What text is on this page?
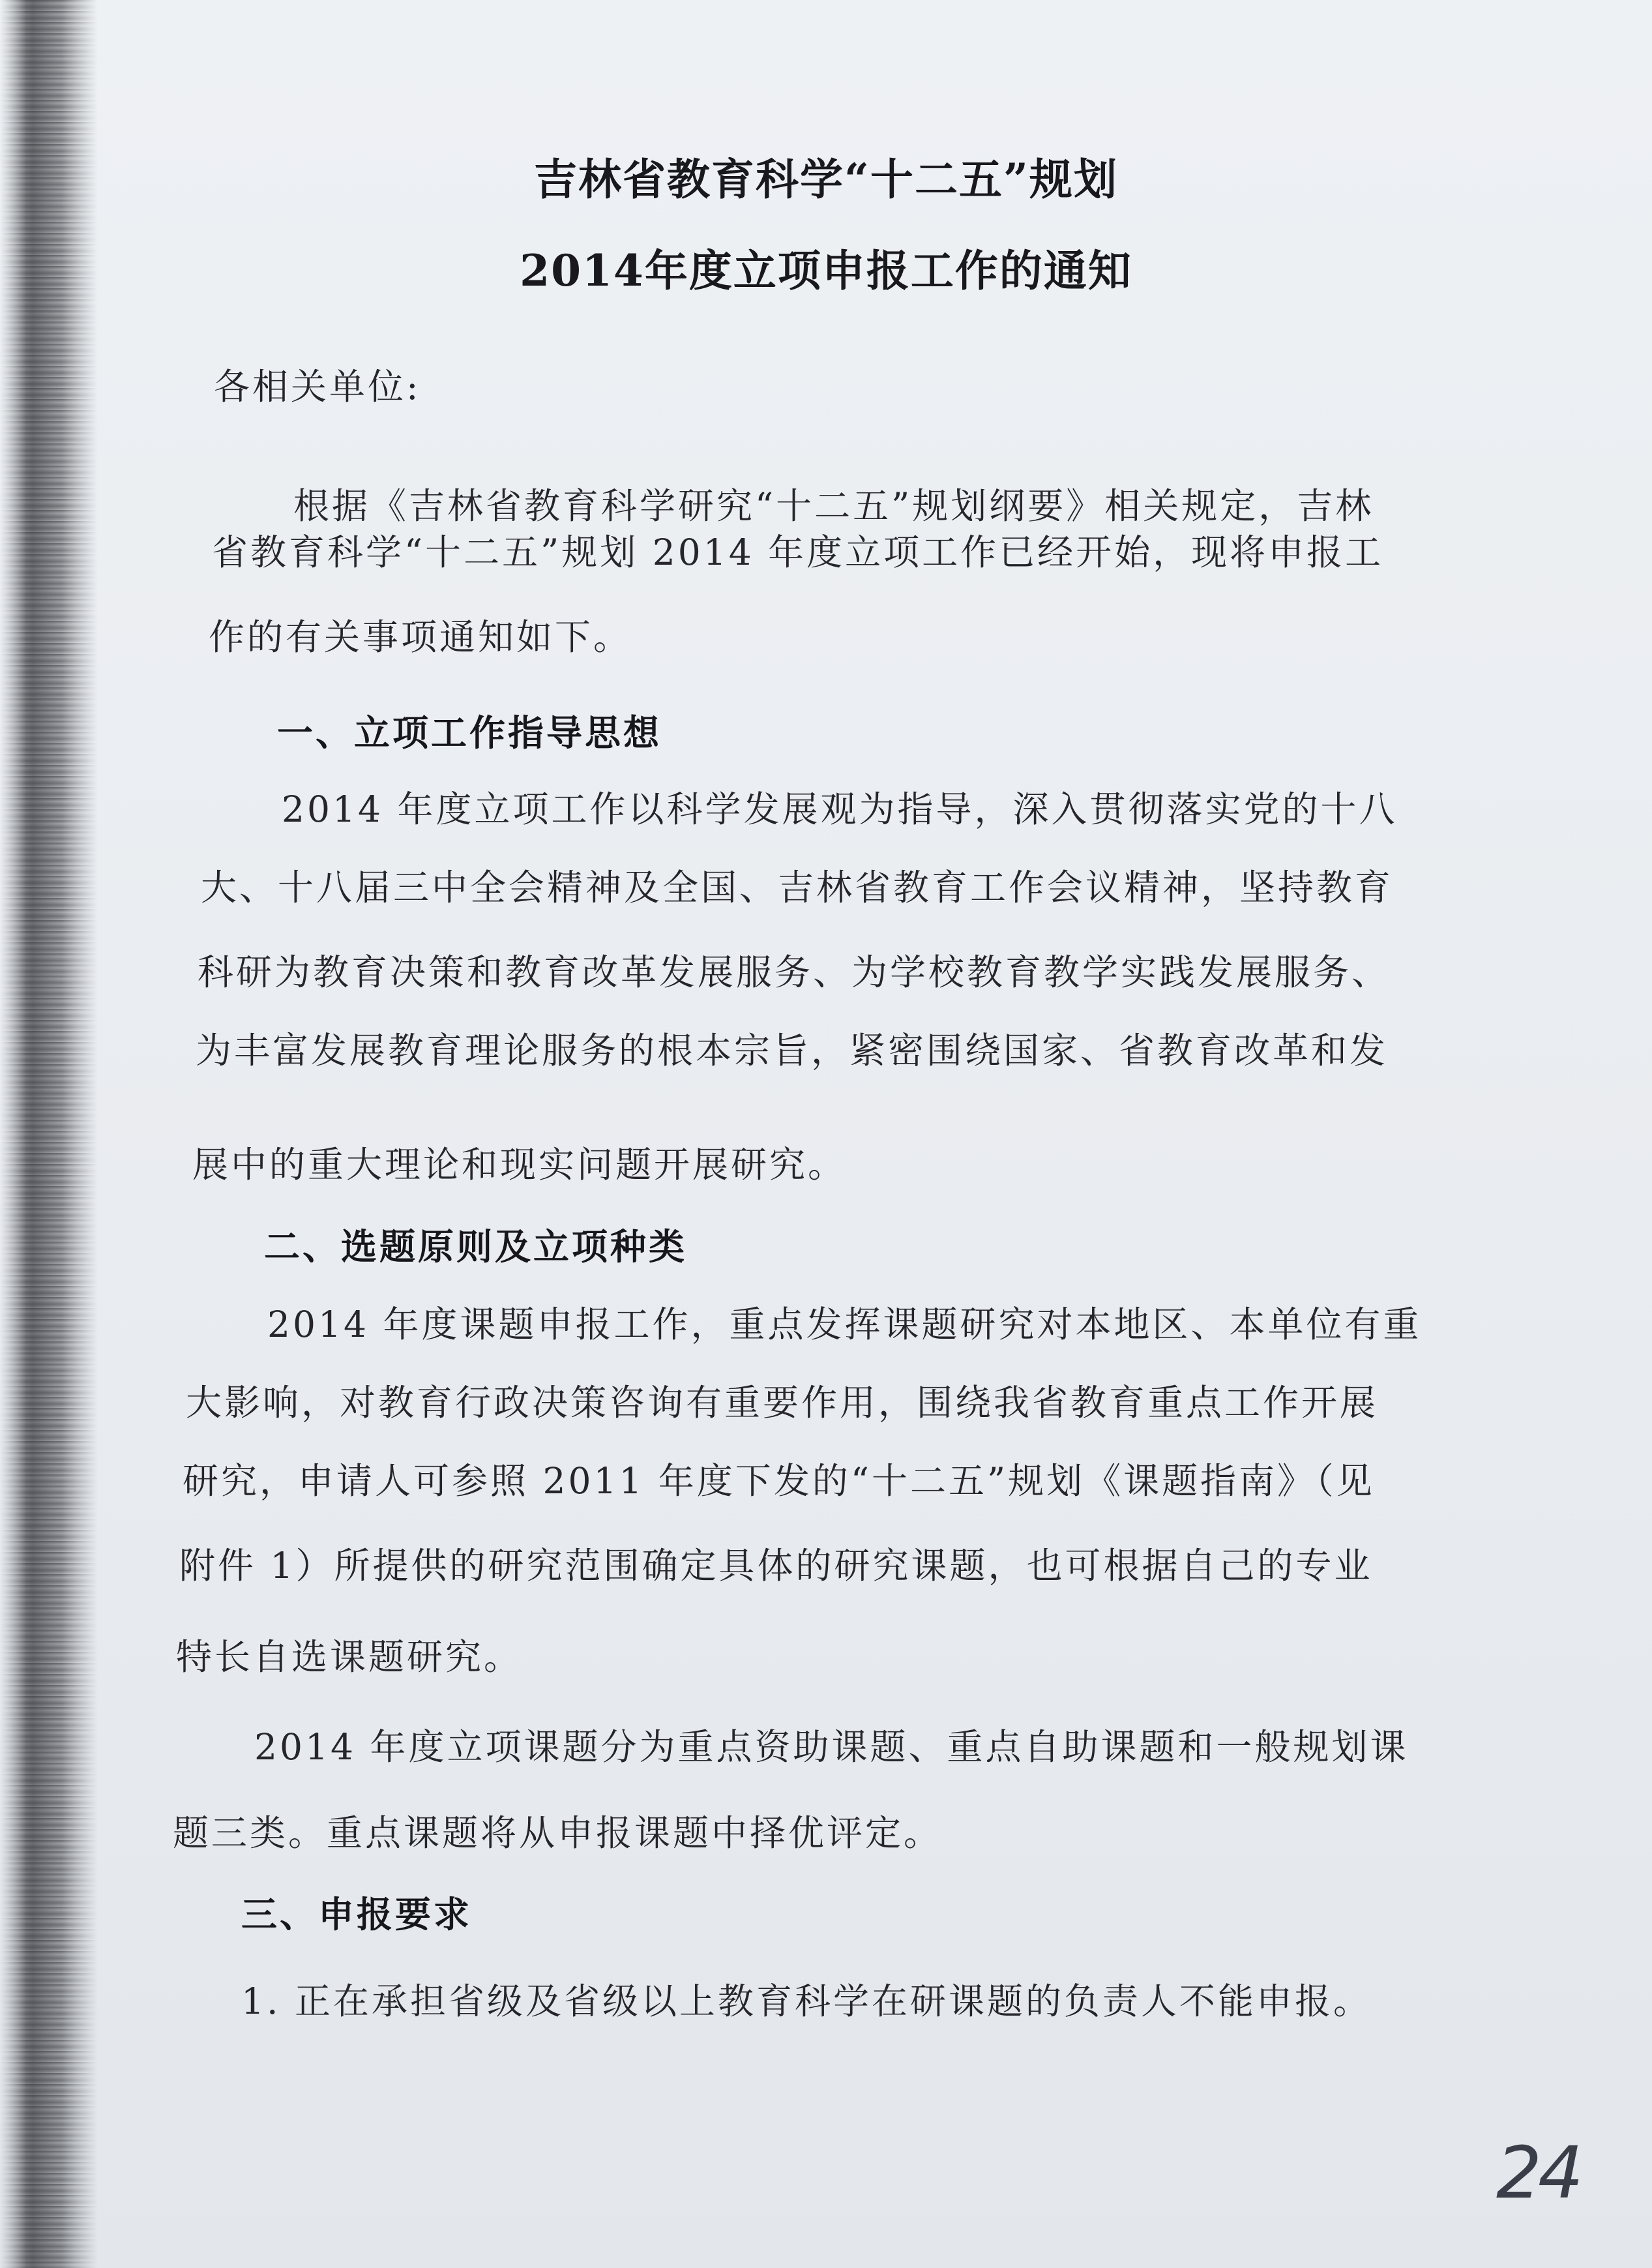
吉林省教育科学“十二五”规划
2014年度立项申报工作的通知
各相关单位:
根据《吉林省教育科学研究“十二五”规划纲要》相关规定，吉林
省教育科学“十二五”规划 2014 年度立项工作已经开始，现将申报工
作的有关事项通知如下。
一、立项工作指导思想
2014 年度立项工作以科学发展观为指导，深入贯彻落实党的十八
大、十八届三中全会精神及全国、吉林省教育工作会议精神，坚持教育
科研为教育决策和教育改革发展服务、为学校教育教学实践发展服务、
为丰富发展教育理论服务的根本宗旨，紧密围绕国家、省教育改革和发
展中的重大理论和现实问题开展研究。
二、选题原则及立项种类
2014 年度课题申报工作，重点发挥课题研究对本地区、本单位有重
大影响，对教育行政决策咨询有重要作用，围绕我省教育重点工作开展
研究，申请人可参照 2011 年度下发的“十二五”规划《课题指南》（见
附件 1）所提供的研究范围确定具体的研究课题，也可根据自己的专业
特长自选课题研究。
2014 年度立项课题分为重点资助课题、重点自助课题和一般规划课
题三类。重点课题将从申报课题中择优评定。
三、申报要求
1. 正在承担省级及省级以上教育科学在研课题的负责人不能申报。
24
